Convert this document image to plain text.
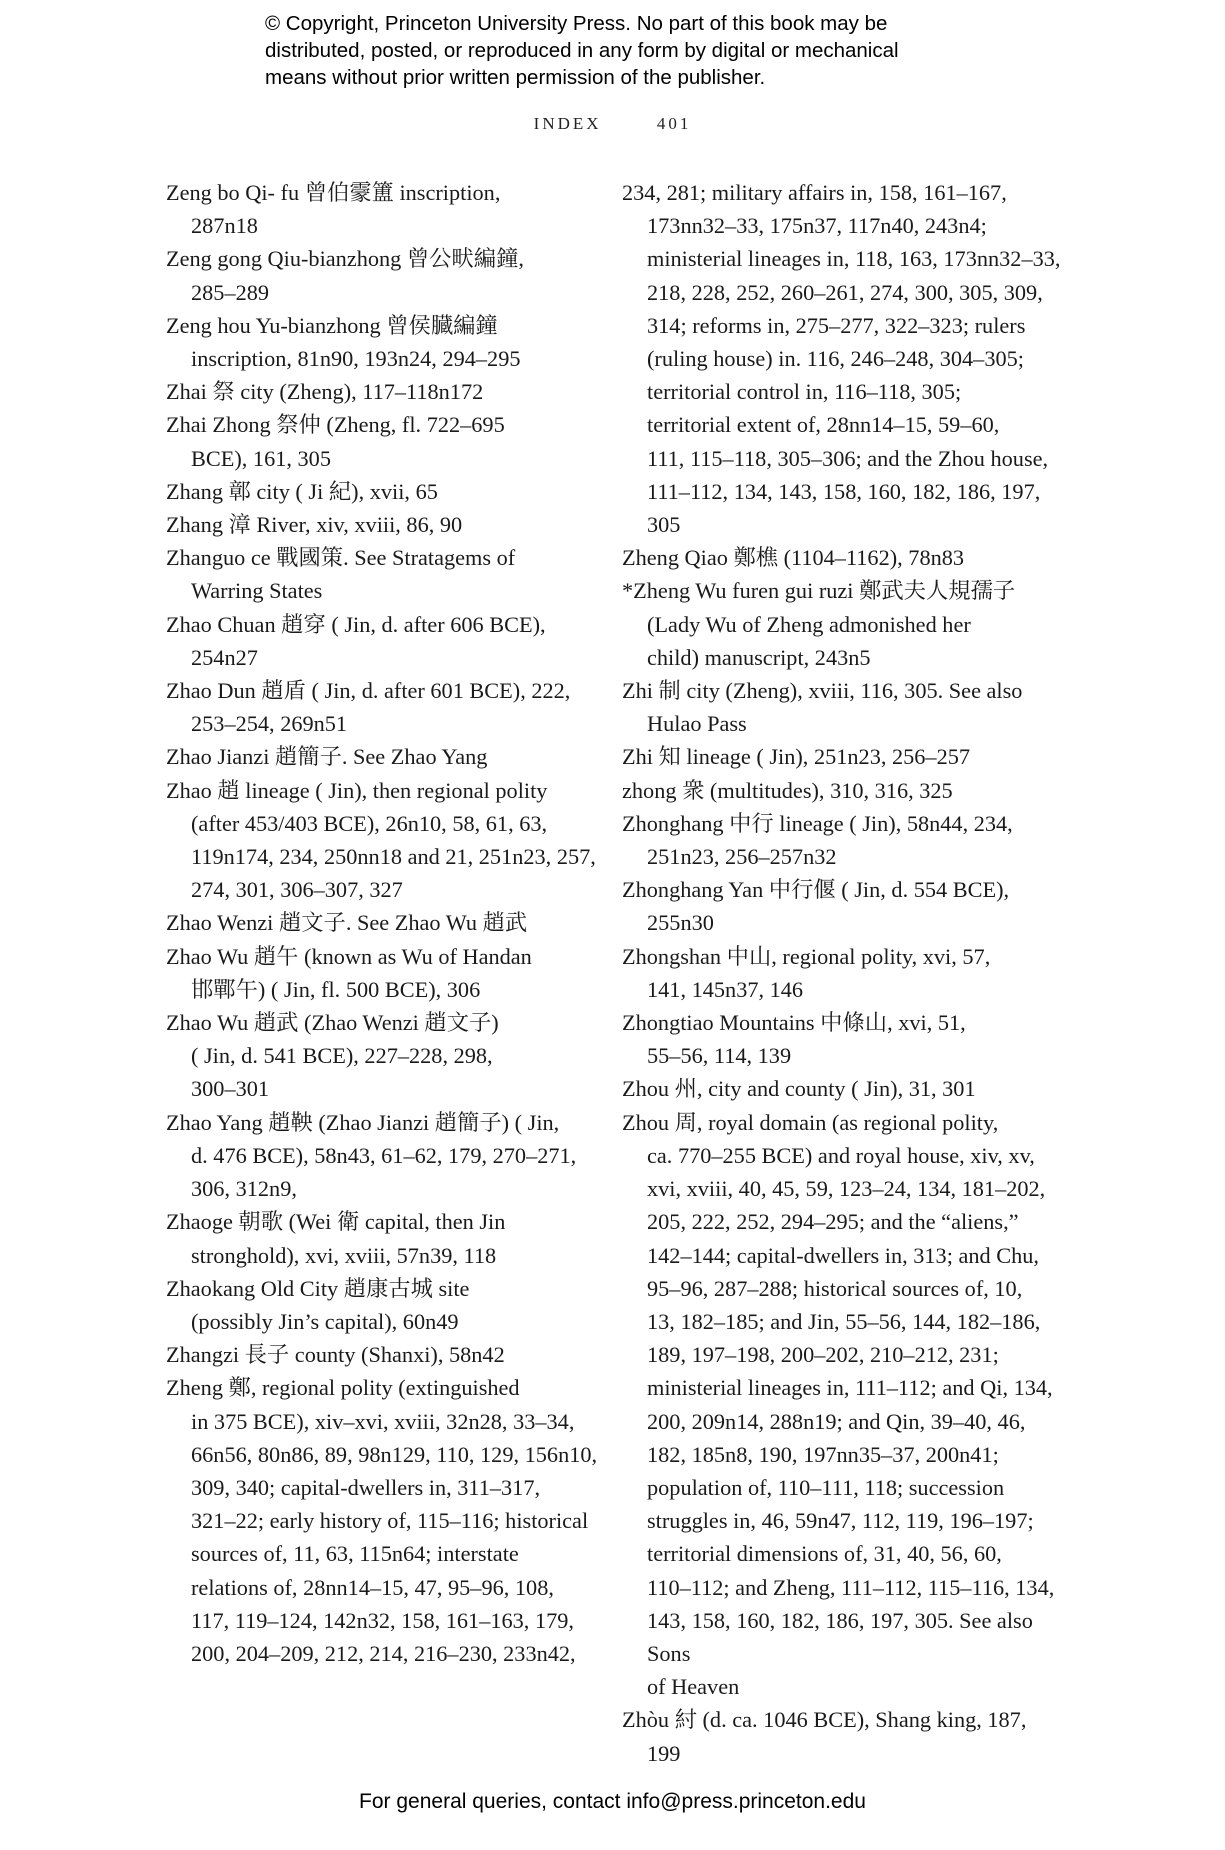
© Copyright, Princeton University Press. No part of this book may be
distributed, posted, or reproduced in any form by digital or mechanical
means without prior written permission of the publisher.
INDEX	401
Zeng bo Qi- fu 曾伯霥簠 inscription,
287n18
Zeng gong Qiu-bianzhong 曾公畎編鐘,
285–289
Zeng hou Yu-bianzhong 曾侯臓編鐘
inscription, 81n90, 193n24, 294–295
Zhai 祭 city (Zheng), 117–118n172
Zhai Zhong 祭仲 (Zheng, fl. 722–695
BCE), 161, 305
Zhang 鄣 city ( Ji 紀), xvii, 65
Zhang 漳 River, xiv, xviii, 86, 90
Zhanguo ce 戰國策. See Stratagems of
Warring States
Zhao Chuan 趙穿 ( Jin, d. after 606 BCE),
254n27
Zhao Dun 趙盾 ( Jin, d. after 601 BCE), 222,
253–254, 269n51
Zhao Jianzi 趙簡子. See Zhao Yang
Zhao 趙 lineage ( Jin), then regional polity
(after 453/403 BCE), 26n10, 58, 61, 63,
119n174, 234, 250nn18 and 21, 251n23, 257,
274, 301, 306–307, 327
Zhao Wenzi 趙文子. See Zhao Wu 趙武
Zhao Wu 趙午 (known as Wu of Handan
邯鄲午) ( Jin, fl. 500 BCE), 306
Zhao Wu 趙武 (Zhao Wenzi 趙文子)
( Jin, d. 541 BCE), 227–228, 298,
300–301
Zhao Yang 趙鞅 (Zhao Jianzi 趙簡子) ( Jin,
d. 476 BCE), 58n43, 61–62, 179, 270–271,
306, 312n9,
Zhaoge 朝歌 (Wei 衛 capital, then Jin
stronghold), xvi, xviii, 57n39, 118
Zhaokang Old City 趙康古城 site
(possibly Jin’s capital), 60n49
Zhangzi 長子 county (Shanxi), 58n42
Zheng 鄭, regional polity (extinguished
in 375 BCE), xiv–xvi, xviii, 32n28, 33–34,
66n56, 80n86, 89, 98n129, 110, 129, 156n10,
309, 340; capital-dwellers in, 311–317,
321–22; early history of, 115–116; historical
sources of, 11, 63, 115n64; interstate
relations of, 28nn14–15, 47, 95–96, 108,
117, 119–124, 142n32, 158, 161–163, 179,
200, 204–209, 212, 214, 216–230, 233n42,
234, 281; military affairs in, 158, 161–167,
173nn32–33, 175n37, 117n40, 243n4;
ministerial lineages in, 118, 163, 173nn32–33,
218, 228, 252, 260–261, 274, 300, 305, 309,
314; reforms in, 275–277, 322–323; rulers
(ruling house) in. 116, 246–248, 304–305;
territorial control in, 116–118, 305;
territorial extent of, 28nn14–15, 59–60,
111, 115–118, 305–306; and the Zhou house,
111–112, 134, 143, 158, 160, 182, 186, 197, 305
Zheng Qiao 鄭樵 (1104–1162), 78n83
*Zheng Wu furen gui ruzi 鄭武夫人規孺子
(Lady Wu of Zheng admonished her
child) manuscript, 243n5
Zhi 制 city (Zheng), xviii, 116, 305. See also
Hulao Pass
Zhi 知 lineage ( Jin), 251n23, 256–257
zhong 衆 (multitudes), 310, 316, 325
Zhonghang 中行 lineage ( Jin), 58n44, 234,
251n23, 256–257n32
Zhonghang Yan 中行偃 ( Jin, d. 554 BCE),
255n30
Zhongshan 中山, regional polity, xvi, 57,
141, 145n37, 146
Zhongtiao Mountains 中條山, xvi, 51,
55–56, 114, 139
Zhou 州, city and county ( Jin), 31, 301
Zhou 周, royal domain (as regional polity,
ca. 770–255 BCE) and royal house, xiv, xv,
xvi, xviii, 40, 45, 59, 123–24, 134, 181–202,
205, 222, 252, 294–295; and the “aliens,”
142–144; capital-dwellers in, 313; and Chu,
95–96, 287–288; historical sources of, 10,
13, 182–185; and Jin, 55–56, 144, 182–186,
189, 197–198, 200–202, 210–212, 231;
ministerial lineages in, 111–112; and Qi, 134,
200, 209n14, 288n19; and Qin, 39–40, 46,
182, 185n8, 190, 197nn35–37, 200n41;
population of, 110–111, 118; succession
struggles in, 46, 59n47, 112, 119, 196–197;
territorial dimensions of, 31, 40, 56, 60,
110–112; and Zheng, 111–112, 115–116, 134,
143, 158, 160, 182, 186, 197, 305. See also Sons
of Heaven
Zhòu 紂 (d. ca. 1046 BCE), Shang king, 187, 199
For general queries, contact info@press.princeton.edu
